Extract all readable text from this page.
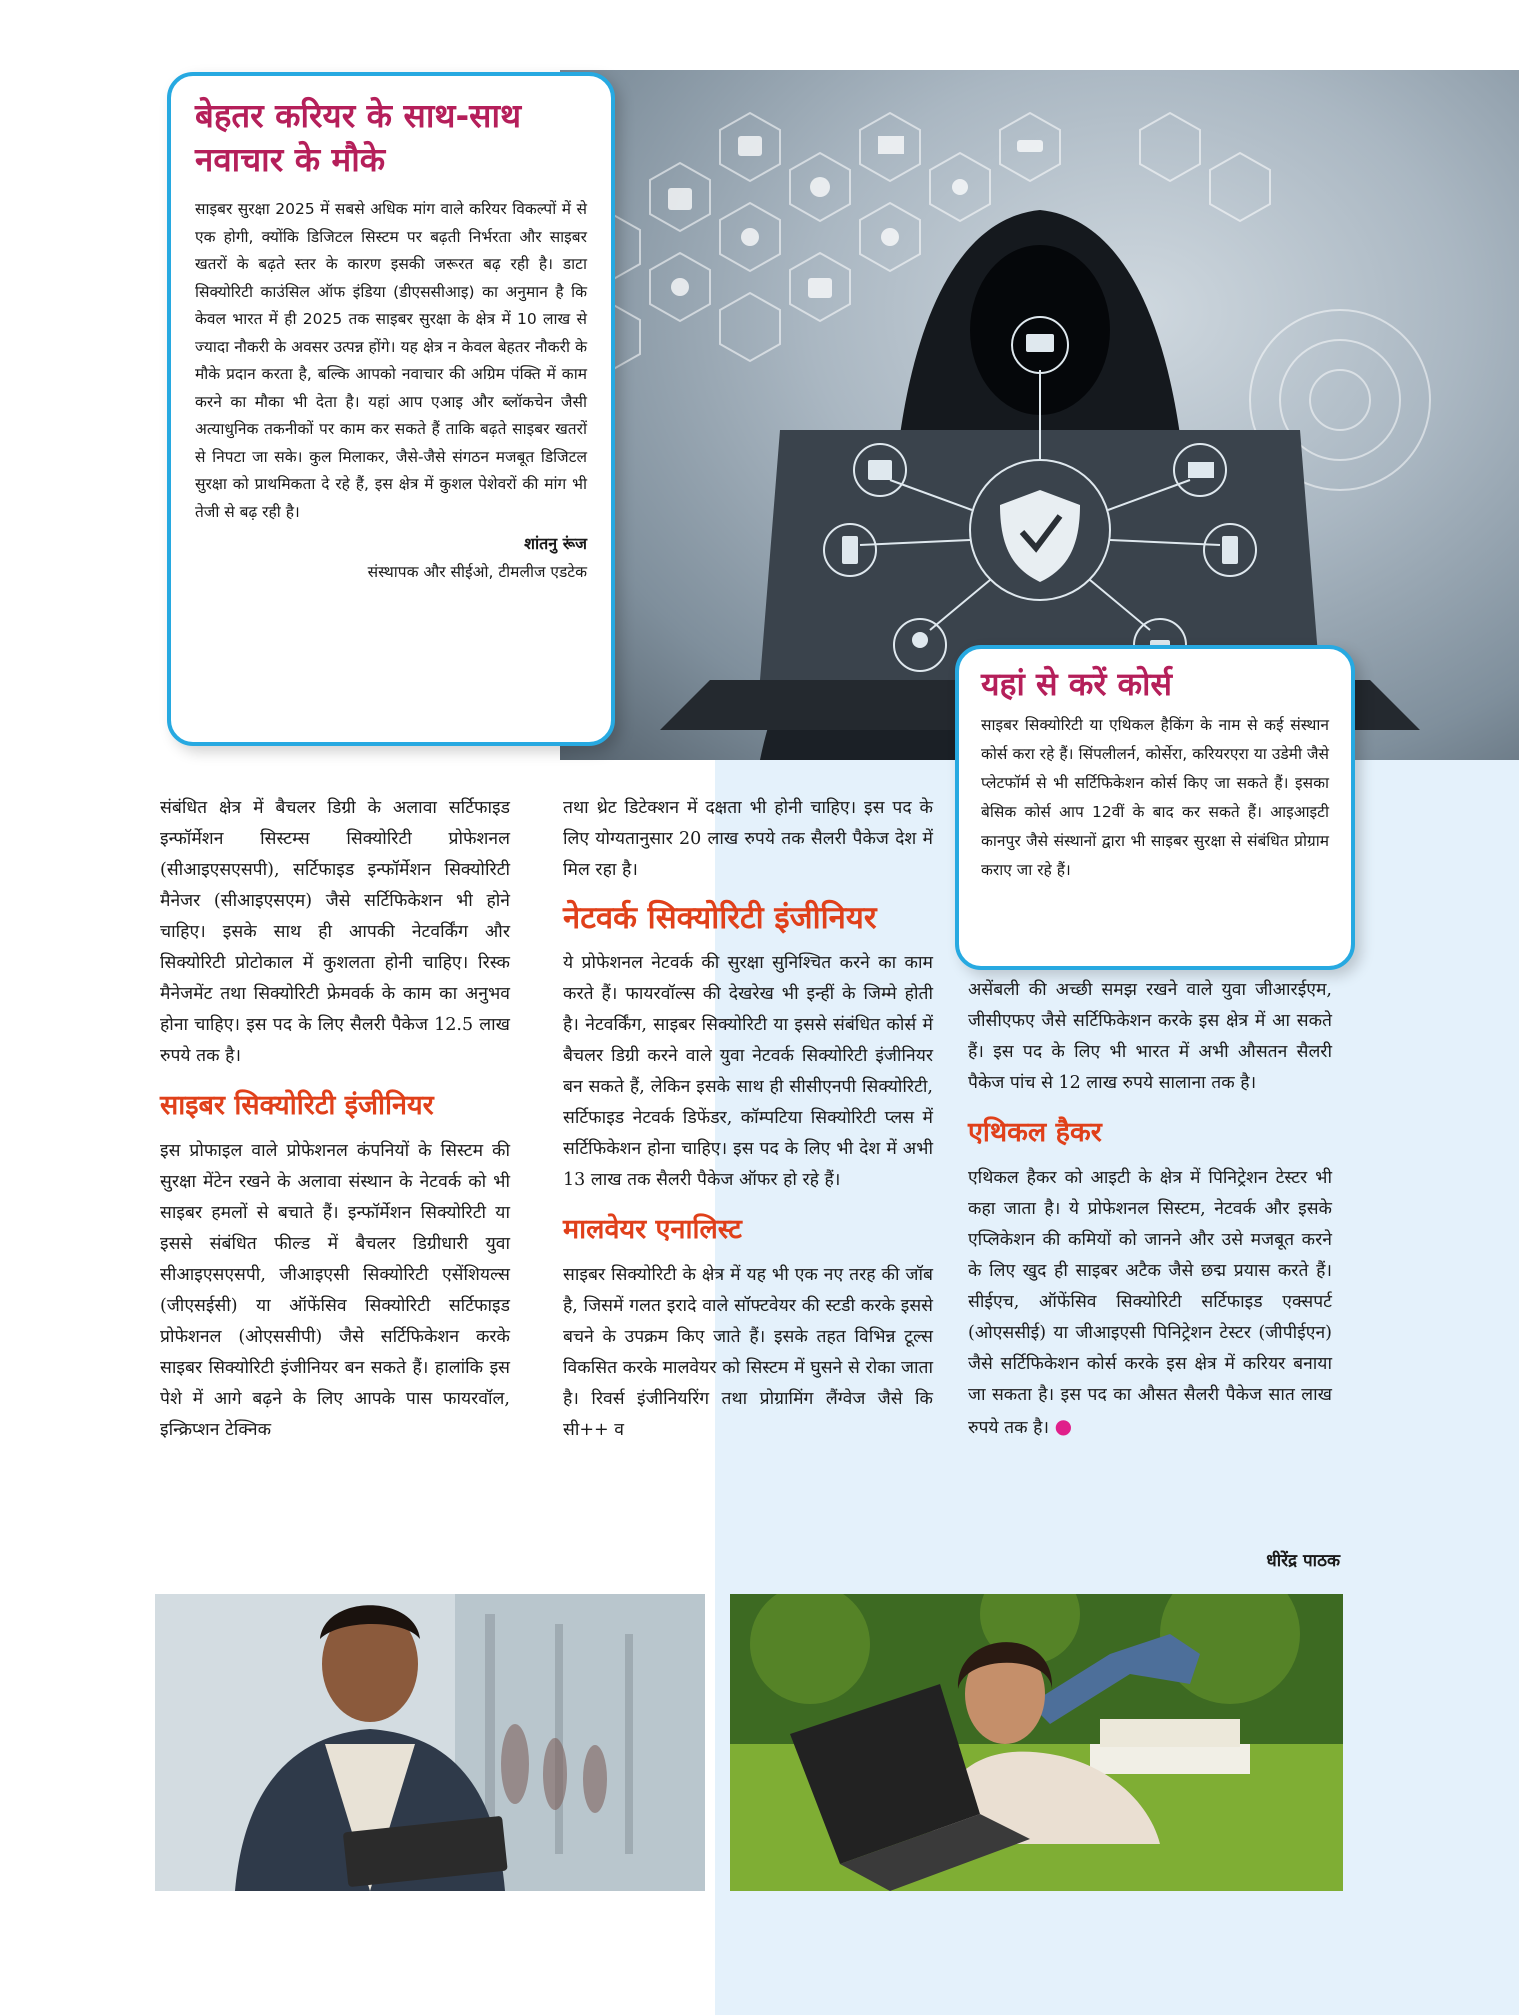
बेहतर करियर के साथ-साथ नवाचार के मौके

साइबर सुरक्षा 2025 में सबसे अधिक मांग वाले करियर विकल्पों में से एक होगी, क्योंकि डिजिटल सिस्टम पर बढ़ती निर्भरता और साइबर खतरों के बढ़ते स्तर के कारण इसकी जरूरत बढ़ रही है। डाटा सिक्योरिटी काउंसिल ऑफ इंडिया (डीएससीआइ) का अनुमान है कि केवल भारत में ही 2025 तक साइबर सुरक्षा के क्षेत्र में 10 लाख से ज्यादा नौकरी के अवसर उत्पन्न होंगे। यह क्षेत्र न केवल बेहतर नौकरी के मौके प्रदान करता है, बल्कि आपको नवाचार की अग्रिम पंक्ति में काम करने का मौका भी देता है। यहां आप एआइ और ब्लॉकचेन जैसी अत्याधुनिक तकनीकों पर काम कर सकते हैं ताकि बढ़ते साइबर खतरों से निपटा जा सके। कुल मिलाकर, जैसे-जैसे संगठन मजबूत डिजिटल सुरक्षा को प्राथमिकता दे रहे हैं, इस क्षेत्र में कुशल पेशेवरों की मांग भी तेजी से बढ़ रही है।

शांतनु रूंज
संस्थापक और सीईओ, टीमलीज एडटेक
यहां से करें कोर्स

साइबर सिक्योरिटी या एथिकल हैकिंग के नाम से कई संस्थान कोर्स करा रहे हैं। सिंपलीलर्न, कोर्सेरा, करियरएरा या उडेमी जैसे प्लेटफॉर्म से भी सर्टिफिकेशन कोर्स किए जा सकते हैं। इसका बेसिक कोर्स आप 12वीं के बाद कर सकते हैं। आइआइटी कानपुर जैसे संस्थानों द्वारा भी साइबर सुरक्षा से संबंधित प्रोग्राम कराए जा रहे हैं।

संबंधित क्षेत्र में बैचलर डिग्री के अलावा सर्टिफाइड इन्फॉर्मेशन सिस्टम्स सिक्योरिटी प्रोफेशनल (सीआइएसएसपी), सर्टिफाइड इन्फॉर्मेशन सिक्योरिटी मैनेजर (सीआइएसएम) जैसे सर्टिफिकेशन भी होने चाहिए। इसके साथ ही आपकी नेटवर्किंग और सिक्योरिटी प्रोटोकाल में कुशलता होनी चाहिए। रिस्क मैनेजमेंट तथा सिक्योरिटी फ्रेमवर्क के काम का अनुभव होना चाहिए। इस पद के लिए सैलरी पैकेज 12.5 लाख रुपये तक है।

साइबर सिक्योरिटी इंजीनियर

इस प्रोफाइल वाले प्रोफेशनल कंपनियों के सिस्टम की सुरक्षा मेंटेन रखने के अलावा संस्थान के नेटवर्क को भी साइबर हमलों से बचाते हैं। इन्फॉर्मेशन सिक्योरिटी या इससे संबंधित फील्ड में बैचलर डिग्रीधारी युवा सीआइएसएसपी, जीआइएसी सिक्योरिटी एसेंशियल्स (जीएसईसी) या ऑफेंसिव सिक्योरिटी सर्टिफाइड प्रोफेशनल (ओएससीपी) जैसे सर्टिफिकेशन करके साइबर सिक्योरिटी इंजीनियर बन सकते हैं। हालांकि इस पेशे में आगे बढ़ने के लिए आपके पास फायरवॉल, इन्क्रिप्शन टेक्निक

तथा थ्रेट डिटेक्शन में दक्षता भी होनी चाहिए। इस पद के लिए योग्यतानुसार 20 लाख रुपये तक सैलरी पैकेज देश में मिल रहा है।

नेटवर्क सिक्योरिटी इंजीनियर

ये प्रोफेशनल नेटवर्क की सुरक्षा सुनिश्चित करने का काम करते हैं। फायरवॉल्स की देखरेख भी इन्हीं के जिम्मे होती है। नेटवर्किंग, साइबर सिक्योरिटी या इससे संबंधित कोर्स में बैचलर डिग्री करने वाले युवा नेटवर्क सिक्योरिटी इंजीनियर बन सकते हैं, लेकिन इसके साथ ही सीसीएनपी सिक्योरिटी, सर्टिफाइड नेटवर्क डिफेंडर, कॉम्पटिया सिक्योरिटी प्लस में सर्टिफिकेशन होना चाहिए। इस पद के लिए भी देश में अभी 13 लाख तक सैलरी पैकेज ऑफर हो रहे हैं।

मालवेयर एनालिस्ट

साइबर सिक्योरिटी के क्षेत्र में यह भी एक नए तरह की जॉब है, जिसमें गलत इरादे वाले सॉफ्टवेयर की स्टडी करके इससे बचने के उपक्रम किए जाते हैं। इसके तहत विभिन्न टूल्स विकसित करके मालवेयर को सिस्टम में घुसने से रोका जाता है। रिवर्स इंजीनियरिंग तथा प्रोग्रामिंग लैंग्वेज जैसे कि सी++ व

असेंबली की अच्छी समझ रखने वाले युवा जीआरईएम, जीसीएफए जैसे सर्टिफिकेशन करके इस क्षेत्र में आ सकते हैं। इस पद के लिए भी भारत में अभी औसतन सैलरी पैकेज पांच से 12 लाख रुपये सालाना तक है।

एथिकल हैकर

एथिकल हैकर को आइटी के क्षेत्र में पिनिट्रेशन टेस्टर भी कहा जाता है। ये प्रोफेशनल सिस्टम, नेटवर्क और इसके एप्लिकेशन की कमियों को जानने और उसे मजबूत करने के लिए खुद ही साइबर अटैक जैसे छद्म प्रयास करते हैं। सीईएच, ऑफेंसिव सिक्योरिटी सर्टिफाइड एक्सपर्ट (ओएससीई) या जीआइएसी पिनिट्रेशन टेस्टर (जीपीईएन) जैसे सर्टिफिकेशन कोर्स करके इस क्षेत्र में करियर बनाया जा सकता है। इस पद का औसत सैलरी पैकेज सात लाख रुपये तक है। ●

धीरेंद्र पाठक
